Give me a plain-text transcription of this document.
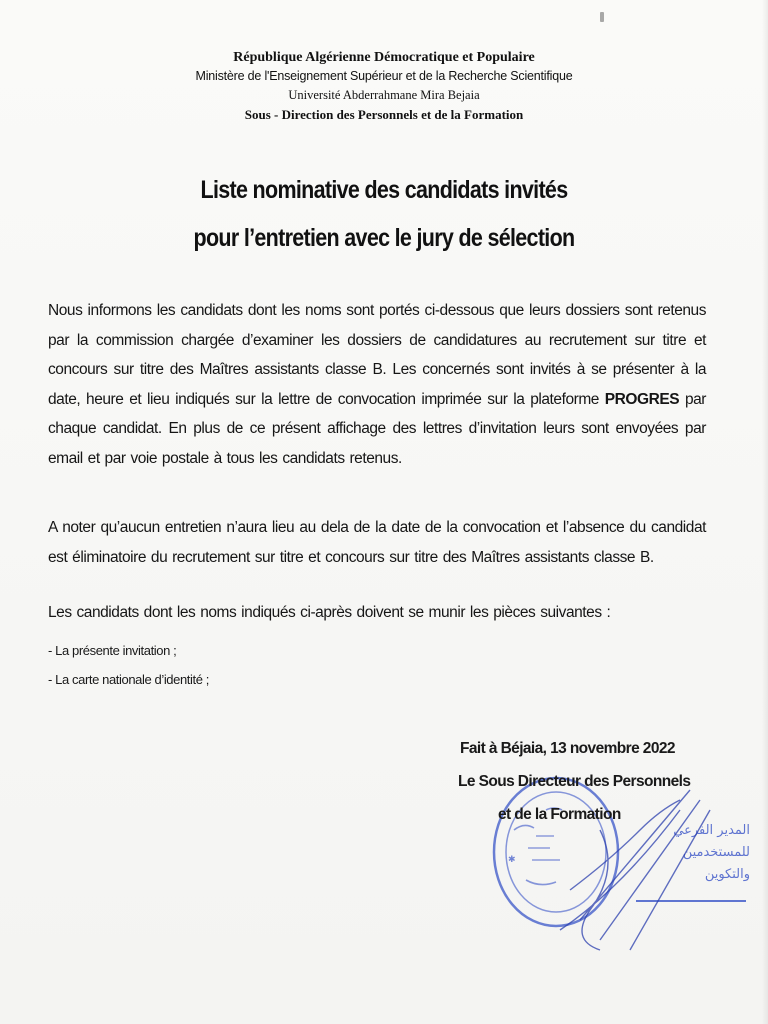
République Algérienne Démocratique et Populaire
Ministère de l'Enseignement Supérieur et de la Recherche Scientifique
Université Abderrahmane Mira Bejaia
Sous - Direction des Personnels et de la Formation
Liste nominative des candidats invités
pour l’entretien avec le jury de sélection
Nous informons les candidats dont les noms sont portés ci-dessous que leurs dossiers sont retenus par la commission chargée d’examiner les dossiers de candidatures au recrutement sur titre et concours sur titre des Maîtres assistants classe B. Les concernés sont invités à se présenter à la date, heure et lieu indiqués sur la lettre de convocation imprimée sur la plateforme PROGRES par chaque candidat. En plus de ce présent affichage des lettres d’invitation leurs sont envoyées par email et par voie postale à tous les candidats retenus.
A noter qu’aucun entretien n’aura lieu au dela de la date de la convocation et l’absence du candidat est éliminatoire du recrutement sur titre et concours sur titre des Maîtres assistants classe B.
Les candidats dont les noms indiqués ci-après doivent se munir les pièces suivantes :
- La présente invitation ;
- La carte nationale d’identité ;
✱
المدير الفرعي للمستخدمين
والتكوين
Fait à Béjaia, 13 novembre 2022
Le Sous Directeur des Personnels
et de la Formation
